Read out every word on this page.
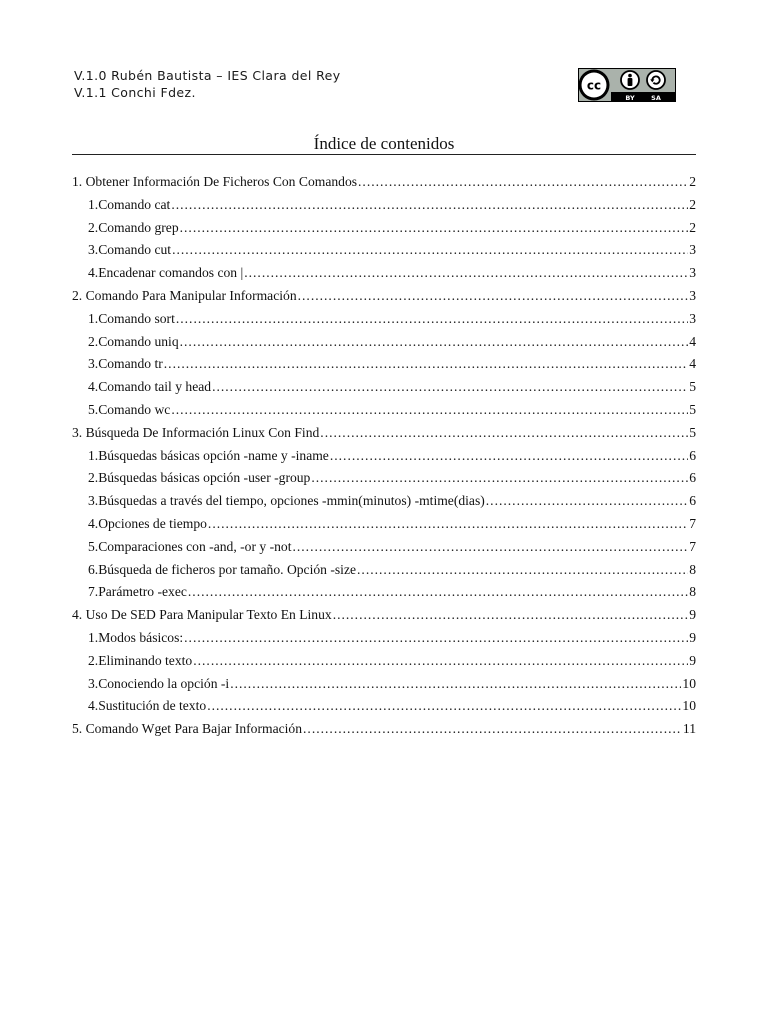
V.1.0 Rubén Bautista – IES Clara del Rey
V.1.1 Conchi Fdez.	cc
BY	SA
Índice de contenidos
1. Obtener Información De Ficheros Con Comandos .....	2
1.Comando cat .....	2
2.Comando grep .....	2
3.Comando cut .....	3
4.Encadenar comandos con | .....	3
2. Comando Para Manipular Información .....	3
1.Comando sort .....	3
2.Comando uniq .....	4
3.Comando tr .....	4
4.Comando tail y head .....	5
5.Comando wc .....	5
3. Búsqueda De Información Linux Con Find .....	5
1.Búsquedas básicas opción -name y -iname .....	6
2.Búsquedas básicas opción -user -group .....	6
3.Búsquedas a través del tiempo, opciones -mmin(minutos) -mtime(dias) .....	6
4.Opciones de tiempo .....	7
5.Comparaciones con -and, -or y -not .....	7
6.Búsqueda de ficheros por tamaño. Opción -size .....	8
7.Parámetro -exec .....	8
4. Uso De SED Para Manipular Texto En Linux .....	9
1.Modos básicos: .....	9
2.Eliminando texto .....	9
3.Conociendo la opción -i .....	10
4.Sustitución de texto .....	10
5. Comando Wget Para Bajar Información .....	11
